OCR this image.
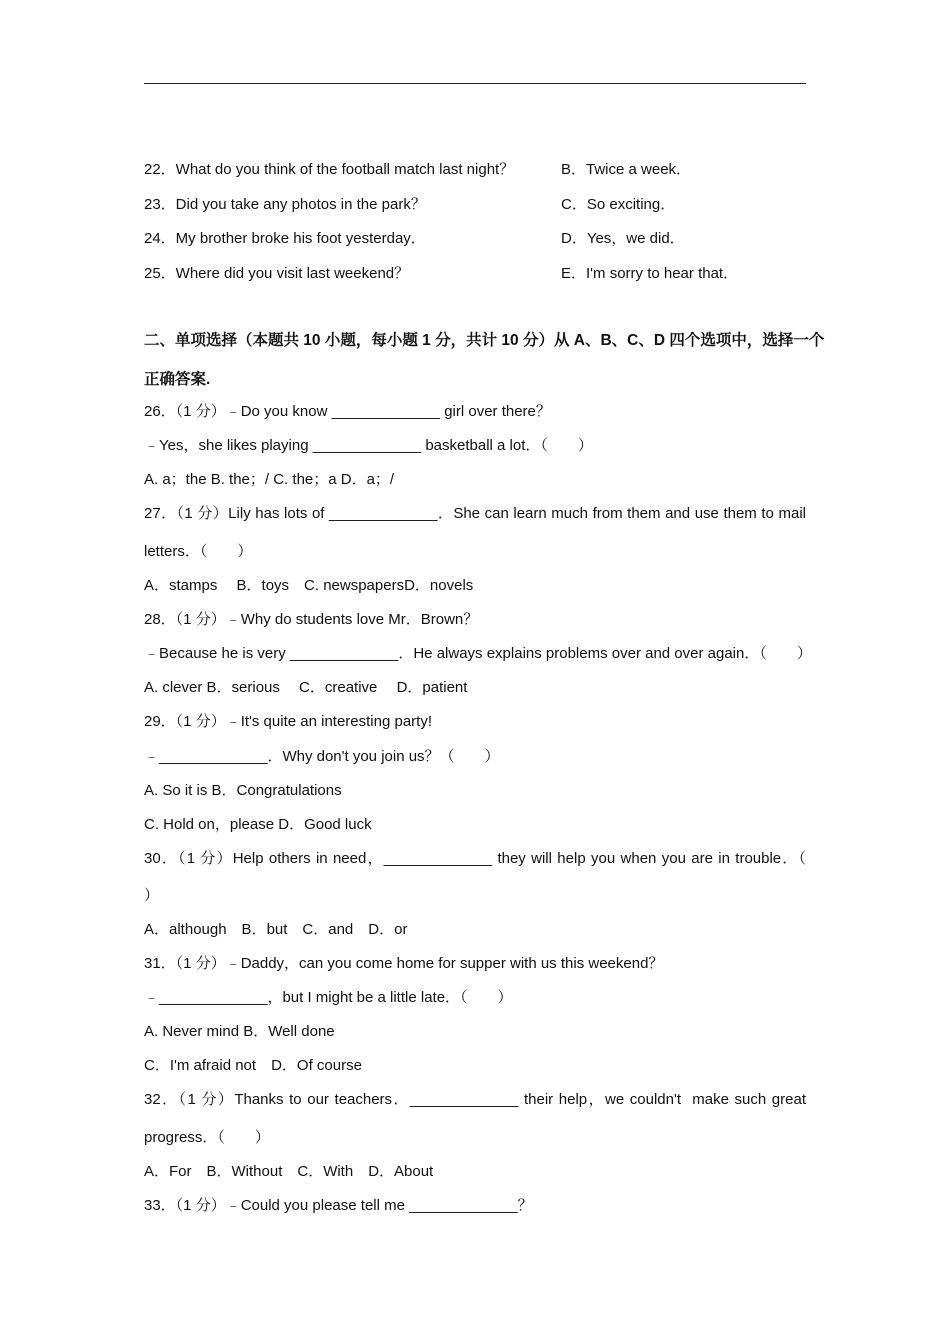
22．What do you think of the football match last night？	B．Twice a week．
23．Did you take any photos in the park？	C．So exciting．
24．My brother broke his foot yesterday．	D．Yes，we did．
25．Where did you visit last weekend？	E．I'm sorry to hear that．
二、单项选择（本题共 10 小题，每小题 1 分，共计 10 分）从 A、B、C、D 四个选项中，选择一个
正确答案.
26．（1 分）﹣Do you know _____________ girl over there？
﹣Yes，she likes playing _____________ basketball a lot．（　　）
A. a；the B. the；/ C. the；a D．a；/
27．（1 分）Lily has lots of _____________．She can learn much from them and use them to mail
letters．（　　）
A．stamps　 B．toys　C. newspapersD．novels
28．（1 分）﹣Why do students love Mr．Brown？
﹣Because he is very _____________．He always explains problems over and over again．（　　）
A. clever B．serious　 C．creative　 D．patient
29．（1 分）﹣It's quite an interesting party!
﹣_____________．Why don't you join us？（　　）
A. So it is B．Congratulations
C. Hold on，please D．Good luck
30．（1 分）Help others in need，_____________ they will help you when you are in trouble．（
）
A．although　B．but　C．and　D．or
31．（1 分）﹣Daddy，can you come home for supper with us this weekend？
﹣_____________，but I might be a little late．（　　）
A. Never mind B．Well done
C．I'm afraid not　D．Of course
32．（1 分）Thanks to our teachers．_____________ their help，we couldn't  make such great
progress．（　　）
A．For　B．Without　C．With　D．About
33．（1 分）﹣Could you please tell me _____________？
